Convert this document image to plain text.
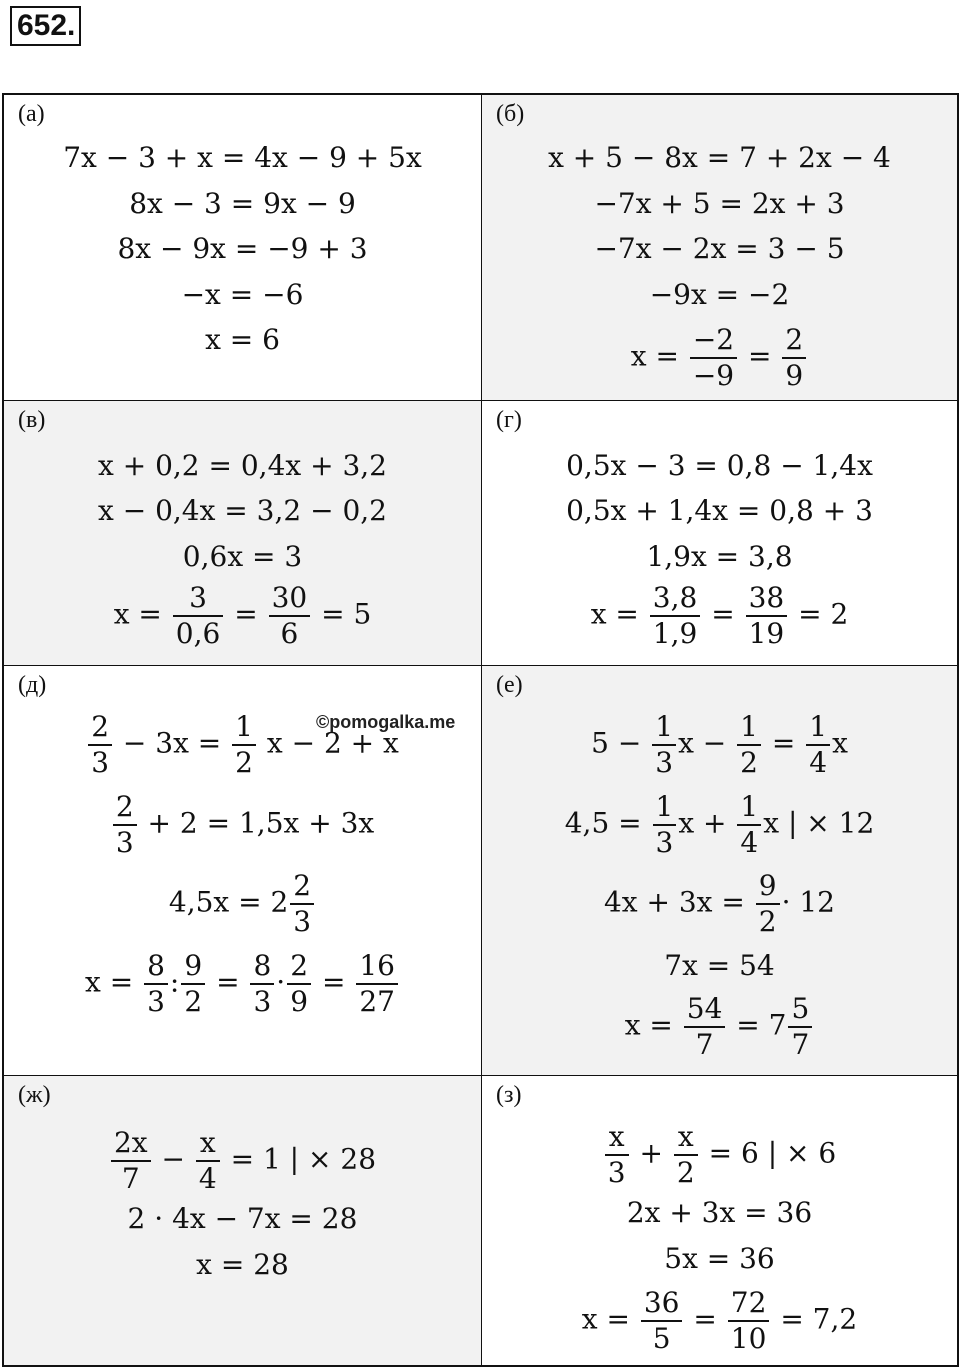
652.
(а)
7x − 3 + x = 4x − 9 + 5x
8x − 3 = 9x − 9
8x − 9x = −9 + 3
−x = −6
x = 6
(б)
x + 5 − 8x = 7 + 2x − 4
−7x + 5 = 2x + 3
−7x − 2x = 3 − 5
−9x = −2
$x = \frac{-2}{-9} = \frac{2}{9}$
(в)
x + 0,2 = 0,4x + 3,2
x − 0,4x = 3,2 − 0,2
0,6x = 3
$x = \frac{3}{0,6} = \frac{30}{6} = 5$
(г)
0,5x − 3 = 0,8 − 1,4x
0,5x + 1,4x = 0,8 + 3
1,9x = 3,8
$x = \frac{3,8}{1,9} = \frac{38}{19} = 2$
(д)
$\frac{2}{3} - 3x = \frac{1}{2}$ x − 2 + x
$\frac{2}{3} + 2 = 1,5x + 3x$
$4,5x = 2 \frac{2}{3}$
$x = \frac{8}{3}$ : $\frac{9}{2} = \frac{8}{3} \cdot \frac{2}{9} = \frac{16}{27}$
(е)
$5 - \frac{1}{3}$ $x - \frac{1}{2} = \frac{1}{4}$ x
$4,5 = \frac{1}{3}$ $x + \frac{1}{4}$ x | × 12
$4x + 3x = \frac{9}{2} \cdot 12$
7x = 54
$x = \frac{54}{7} = 7 \frac{5}{7}$
(ж)
$\frac{2x}{7} - \frac{x}{4} = 1$ | × 28
2 · 4x − 7x = 28
x = 28
(з)
$\frac{x}{3} + \frac{x}{2} = 6$ | × 6
2x + 3x = 36
5x = 36
$x = \frac{36}{5} = \frac{72}{10} = 7,2$
©pomogalka.me
